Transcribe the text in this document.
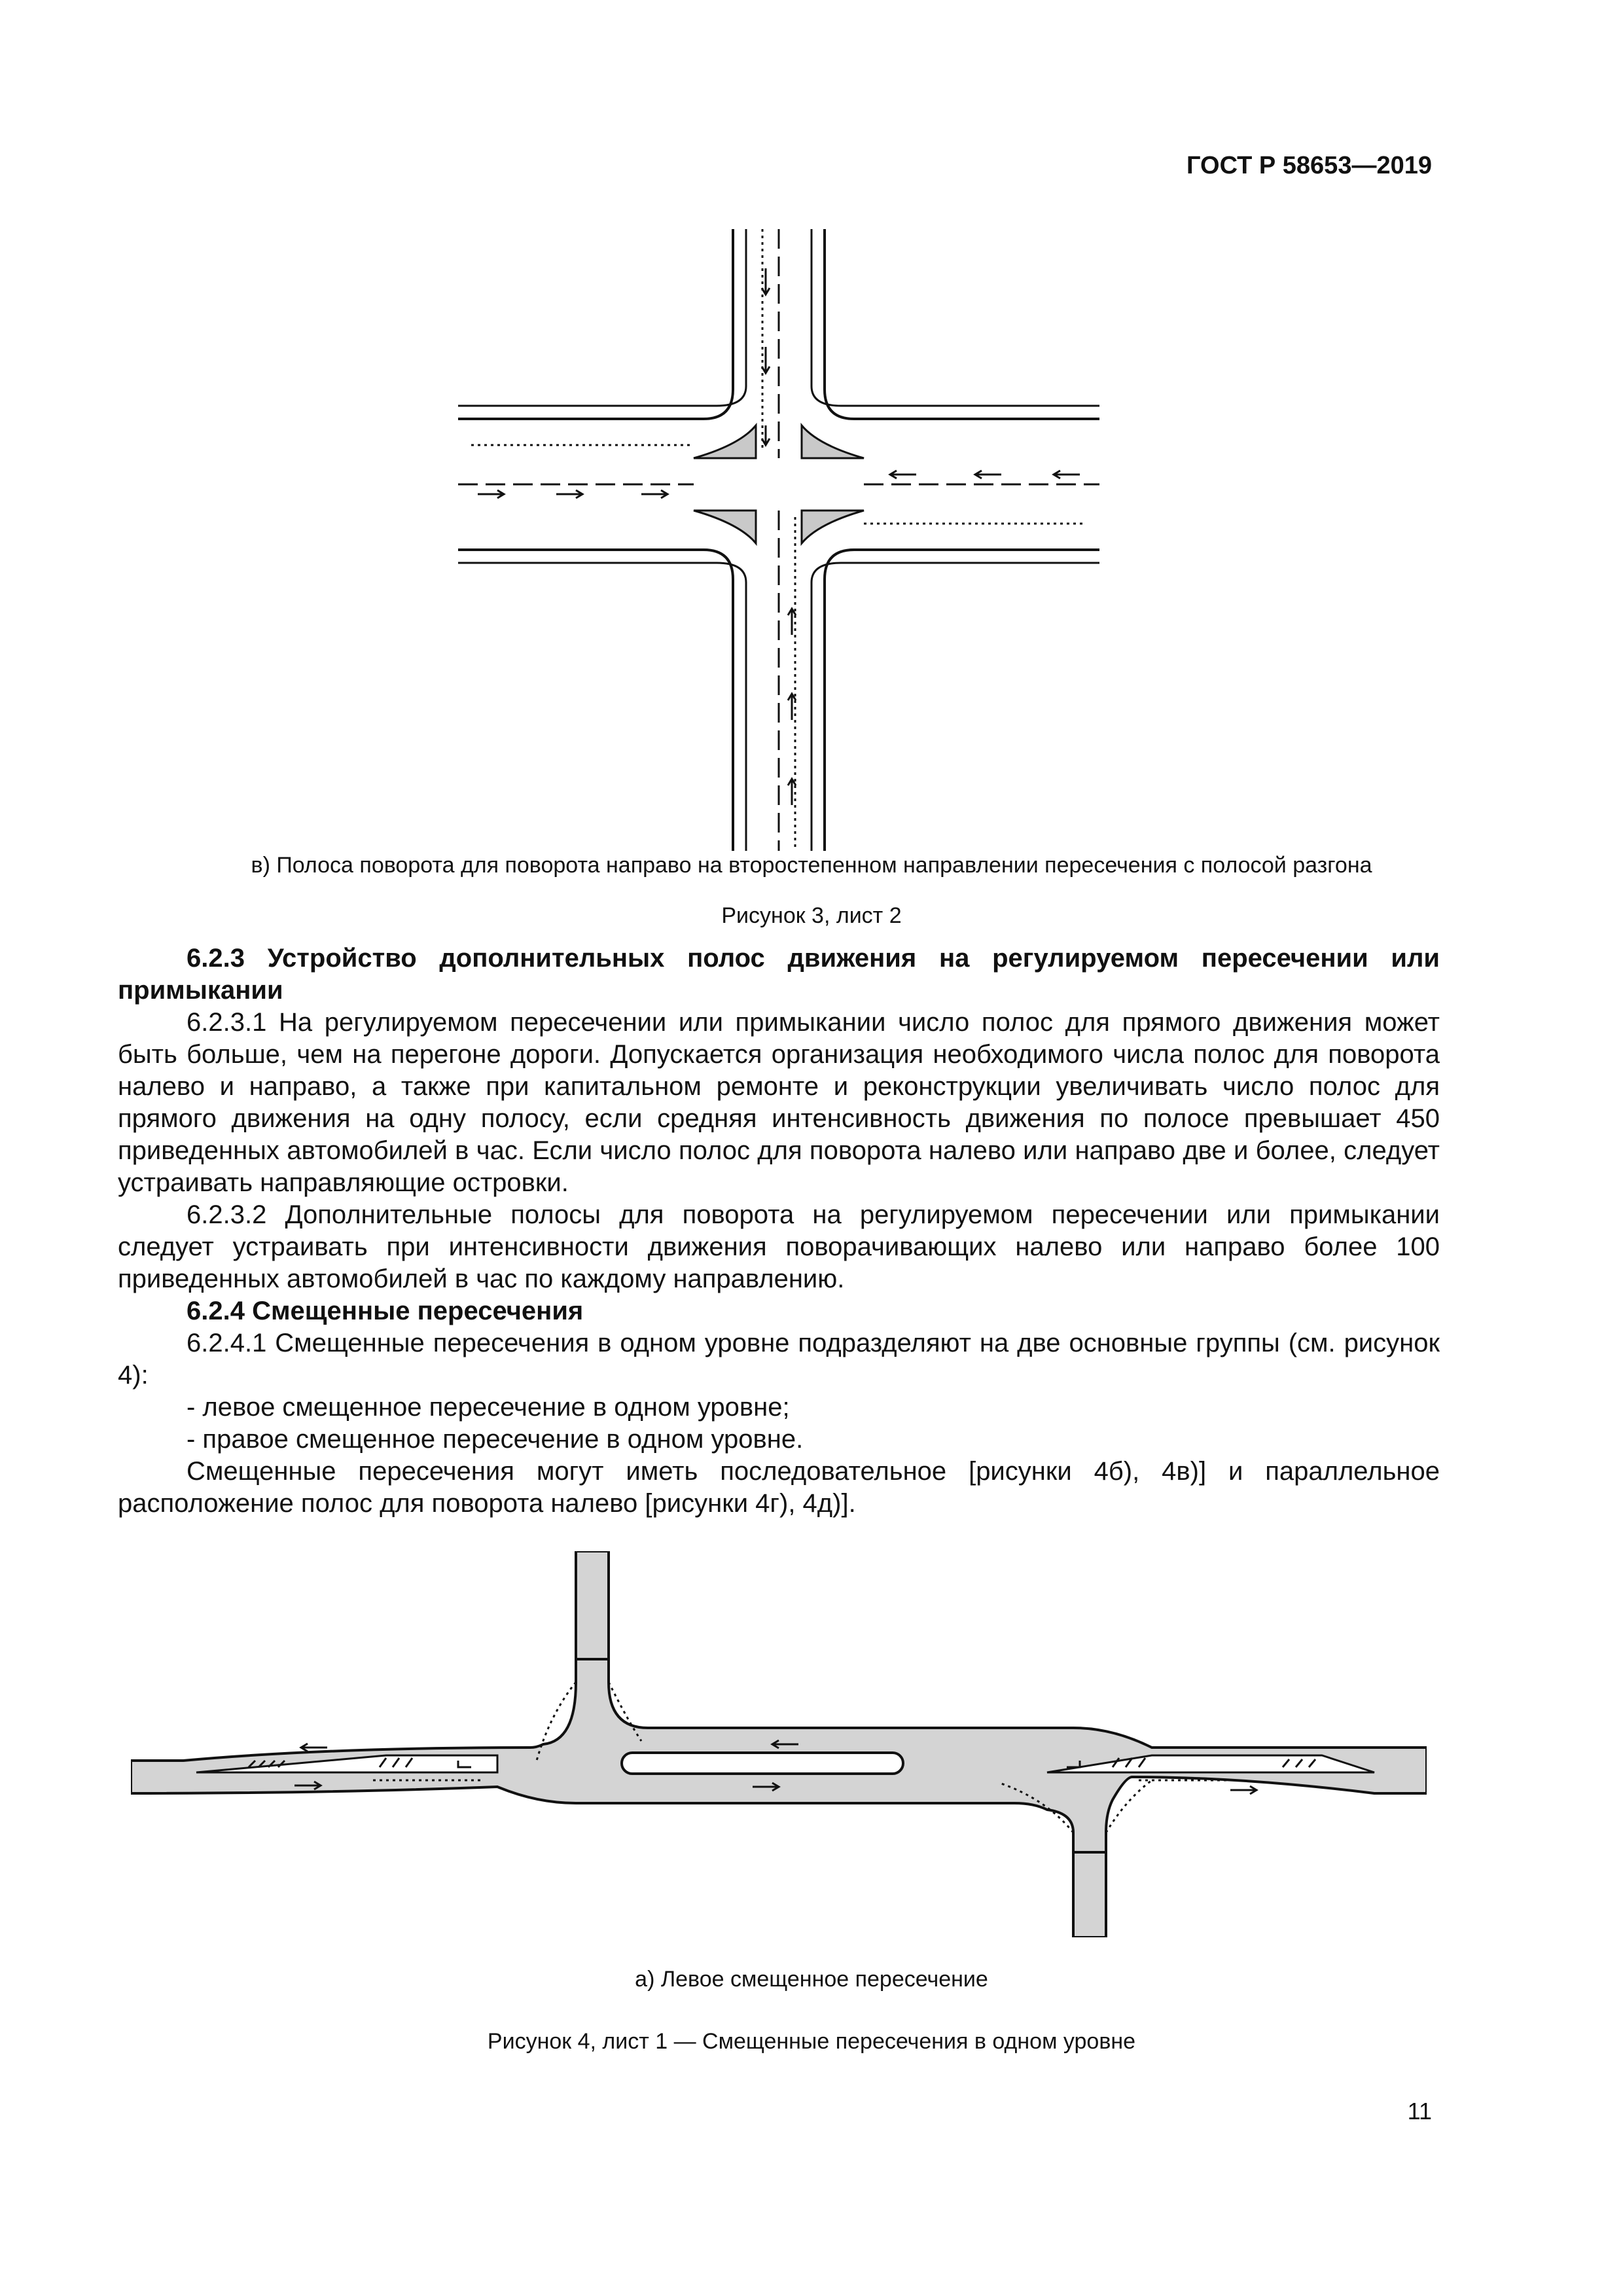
ГОСТ Р 58653—2019
в) Полоса поворота для поворота направо на второстепенном направлении пересечения с полосой разгона
Рисунок 3, лист 2

6.2.3 Устройство дополнительных полос движения на регулируемом пересечении или примыкании

6.2.3.1 На регулируемом пересечении или примыкании число полос для прямого движения может быть больше, чем на перегоне дороги. Допускается организация необходимого числа полос для поворота налево и направо, а также при капитальном ремонте и реконструкции увеличивать число полос для прямого движения на одну полосу, если средняя интенсивность движения по полосе превышает 450 приведенных автомобилей в час. Если число полос для поворота налево или направо две и более, следует устраивать направляющие островки.

6.2.3.2 Дополнительные полосы для поворота на регулируемом пересечении или примыкании следует устраивать при интенсивности движения поворачивающих налево или направо более 100 приведенных автомобилей в час по каждому направлению.

6.2.4 Смещенные пересечения

6.2.4.1 Смещенные пересечения в одном уровне подразделяют на две основные группы (см. рисунок 4):

- левое смещенное пересечение в одном уровне;

- правое смещенное пересечение в одном уровне.

Смещенные пересечения могут иметь последовательное [рисунки 4б), 4в)] и параллельное расположение полос для поворота налево [рисунки 4г), 4д)].

а) Левое смещенное пересечение
Рисунок 4, лист 1 — Смещенные пересечения в одном уровне
11
